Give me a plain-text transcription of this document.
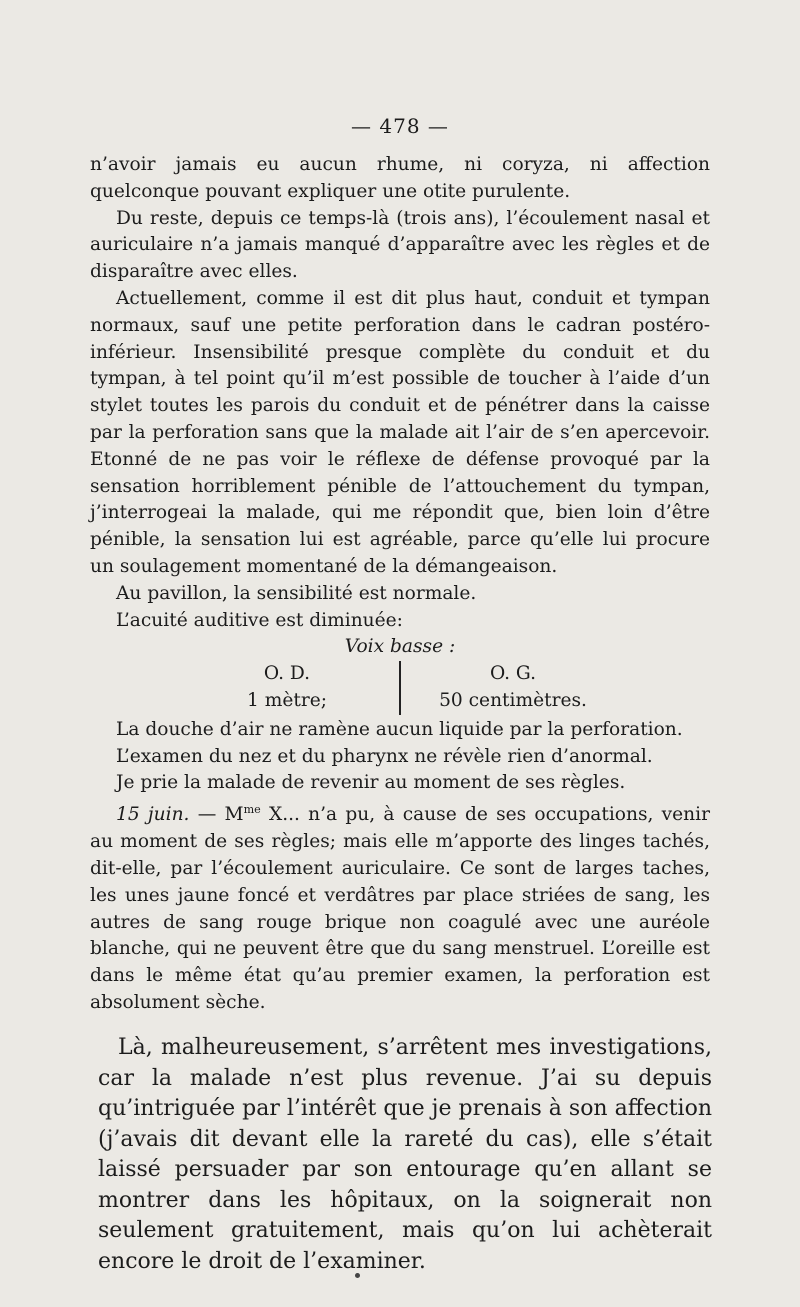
— 478 —

n’avoir jamais eu aucun rhume, ni coryza, ni affection quelconque pouvant expliquer une otite purulente.

Du reste, depuis ce temps-là (trois ans), l’écoulement nasal et auriculaire n’a jamais manqué d’apparaître avec les règles et de disparaître avec elles.

Actuellement, comme il est dit plus haut, conduit et tympan normaux, sauf une petite perforation dans le cadran postéro-inférieur. Insensibilité presque complète du conduit et du tympan, à tel point qu’il m’est possible de toucher à l’aide d’un stylet toutes les parois du conduit et de pénétrer dans la caisse par la perforation sans que la malade ait l’air de s’en apercevoir. Etonné de ne pas voir le réflexe de défense provoqué par la sensation horriblement pénible de l’attouchement du tympan, j’interrogeai la malade, qui me répondit que, bien loin d’être pénible, la sensation lui est agréable, parce qu’elle lui procure un soulagement momentané de la démangeaison.

Au pavillon, la sensibilité est normale.

L’acuité auditive est diminuée:

Voix basse :

O. D.
1 mètre;
O. G.
50 centimètres.

La douche d’air ne ramène aucun liquide par la perforation.

L’examen du nez et du pharynx ne révèle rien d’anormal.

Je prie la malade de revenir au moment de ses règles.

15 juin. — $M^{me}$ X... n’a pu, à cause de ses occupations, venir au moment de ses règles; mais elle m’apporte des linges tachés, dit-elle, par l’écoulement auriculaire. Ce sont de larges taches, les unes jaune foncé et verdâtres par place striées de sang, les autres de sang rouge brique non coagulé avec une auréole blanche, qui ne peuvent être que du sang menstruel. L’oreille est dans le même état qu’au premier examen, la perforation est absolument sèche.

Là, malheureusement, s’arrêtent mes investigations, car la malade n’est plus revenue. J’ai su depuis qu’intriguée par l’intérêt que je prenais à son affection (j’avais dit devant elle la rareté du cas), elle s’était laissé persuader par son entourage qu’en allant se montrer dans les hôpitaux, on la soignerait non seulement gratuitement, mais qu’on lui achèterait encore le droit de l’examiner.
